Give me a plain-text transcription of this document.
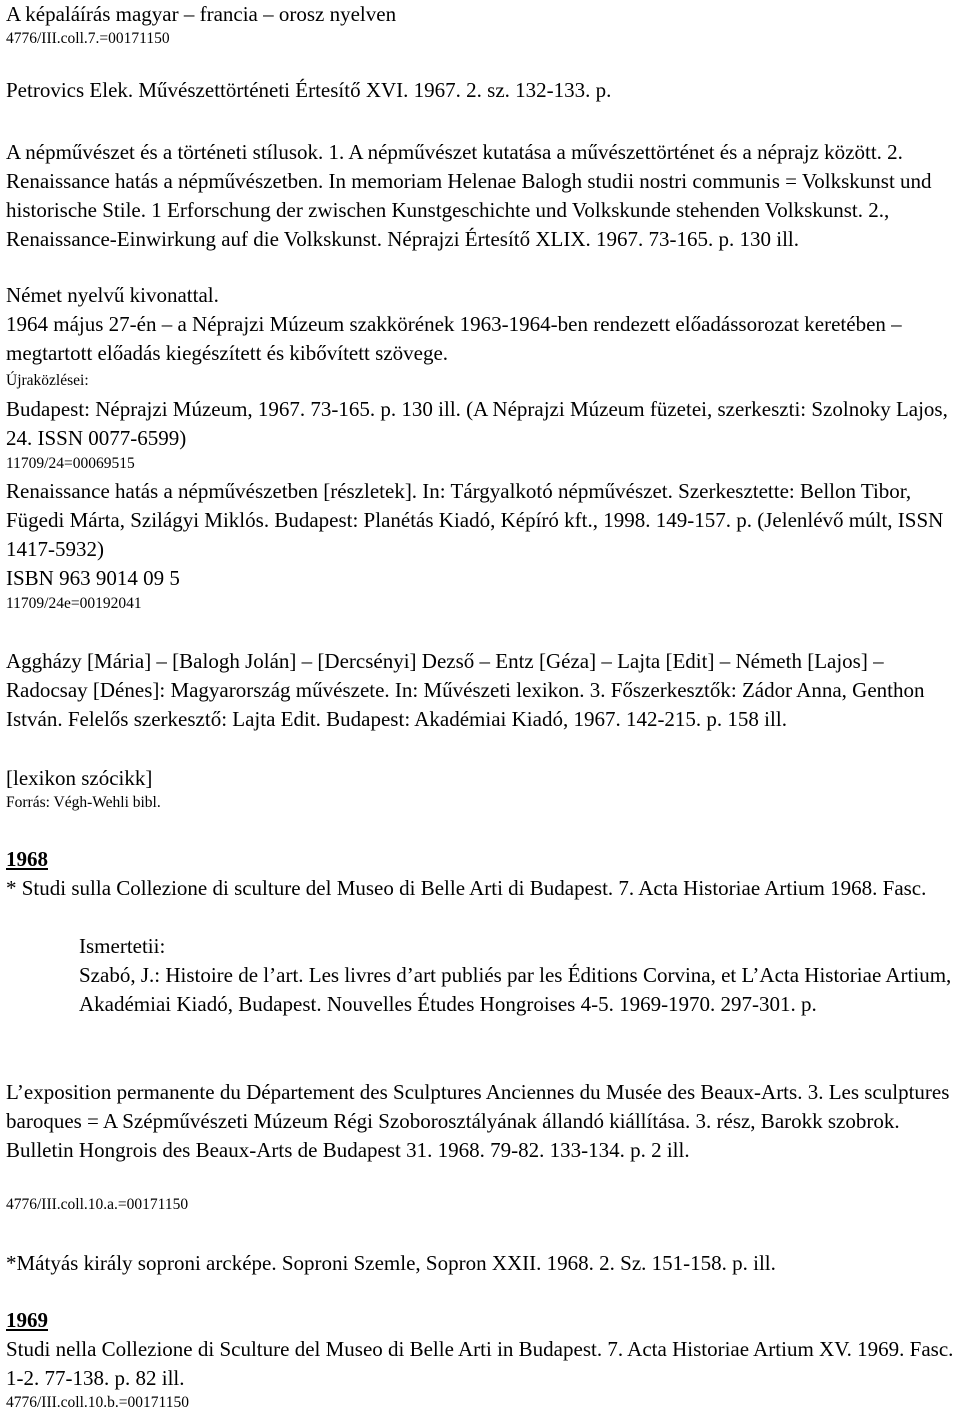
A képaláírás magyar – francia – orosz nyelven

4776/III.coll.7.=00171150

Petrovics Elek. Művészettörténeti Értesítő XVI. 1967. 2. sz. 132-133. p.

A népművészet és a történeti stílusok. 1. A népművészet kutatása a művészettörténet és a néprajz között. 2. Renaissance hatás a népművészetben. In memoriam Helenae Balogh studii nostri communis = Volkskunst und historische Stile. 1 Erforschung der zwischen Kunstgeschichte und Volkskunde stehenden Volkskunst. 2., Renaissance-Einwirkung auf die Volkskunst. Néprajzi Értesítő XLIX. 1967. 73-165. p. 130 ill.

Német nyelvű kivonattal.

1964 május 27-én – a Néprajzi Múzeum szakkörének 1963-1964-ben rendezett előadássorozat keretében – megtartott előadás kiegészített és kibővített szövege.

Újraközlései:

Budapest: Néprajzi Múzeum, 1967. 73-165. p. 130 ill. (A Néprajzi Múzeum füzetei, szerkeszti: Szolnoky Lajos, 24. ISSN 0077-6599)

11709/24=00069515

Renaissance hatás a népművészetben [részletek]. In: Tárgyalkotó népművészet. Szerkesztette: Bellon Tibor, Fügedi Márta, Szilágyi Miklós. Budapest: Planétás Kiadó, Képíró kft., 1998. 149-157. p. (Jelenlévő múlt, ISSN 1417-5932)

ISBN 963 9014 09 5

11709/24e=00192041

Aggházy [Mária] – [Balogh Jolán] – [Dercsényi] Dezső – Entz [Géza] – Lajta [Edit] – Németh [Lajos] – Radocsay [Dénes]: Magyarország művészete. In: Művészeti lexikon. 3. Főszerkesztők: Zádor Anna, Genthon István. Felelős szerkesztő: Lajta Edit. Budapest: Akadémiai Kiadó, 1967. 142-215. p. 158 ill.

[lexikon szócikk]

Forrás: Végh-Wehli bibl.

1968

* Studi sulla Collezione di sculture del Museo di Belle Arti di Budapest. 7. Acta Historiae Artium 1968. Fasc.

Ismertetii:

Szabó, J.: Histoire de l’art. Les livres d’art publiés par les Éditions Corvina, et L’Acta Historiae Artium, Akadémiai Kiadó, Budapest. Nouvelles Études Hongroises 4-5. 1969-1970. 297-301. p.

L’exposition permanente du Département des Sculptures Anciennes du Musée des Beaux-Arts. 3. Les sculptures baroques = A Szépművészeti Múzeum Régi Szoborosztályának állandó kiállítása. 3. rész, Barokk szobrok. Bulletin Hongrois des Beaux-Arts de Budapest 31. 1968. 79-82. 133-134. p. 2 ill.

4776/III.coll.10.a.=00171150

*Mátyás király soproni arcképe. Soproni Szemle, Sopron XXII. 1968. 2. Sz. 151-158. p. ill.

1969

Studi nella Collezione di Sculture del Museo di Belle Arti in Budapest. 7. Acta Historiae Artium XV. 1969. Fasc. 1-2. 77-138. p. 82 ill.

4776/III.coll.10.b.=00171150
